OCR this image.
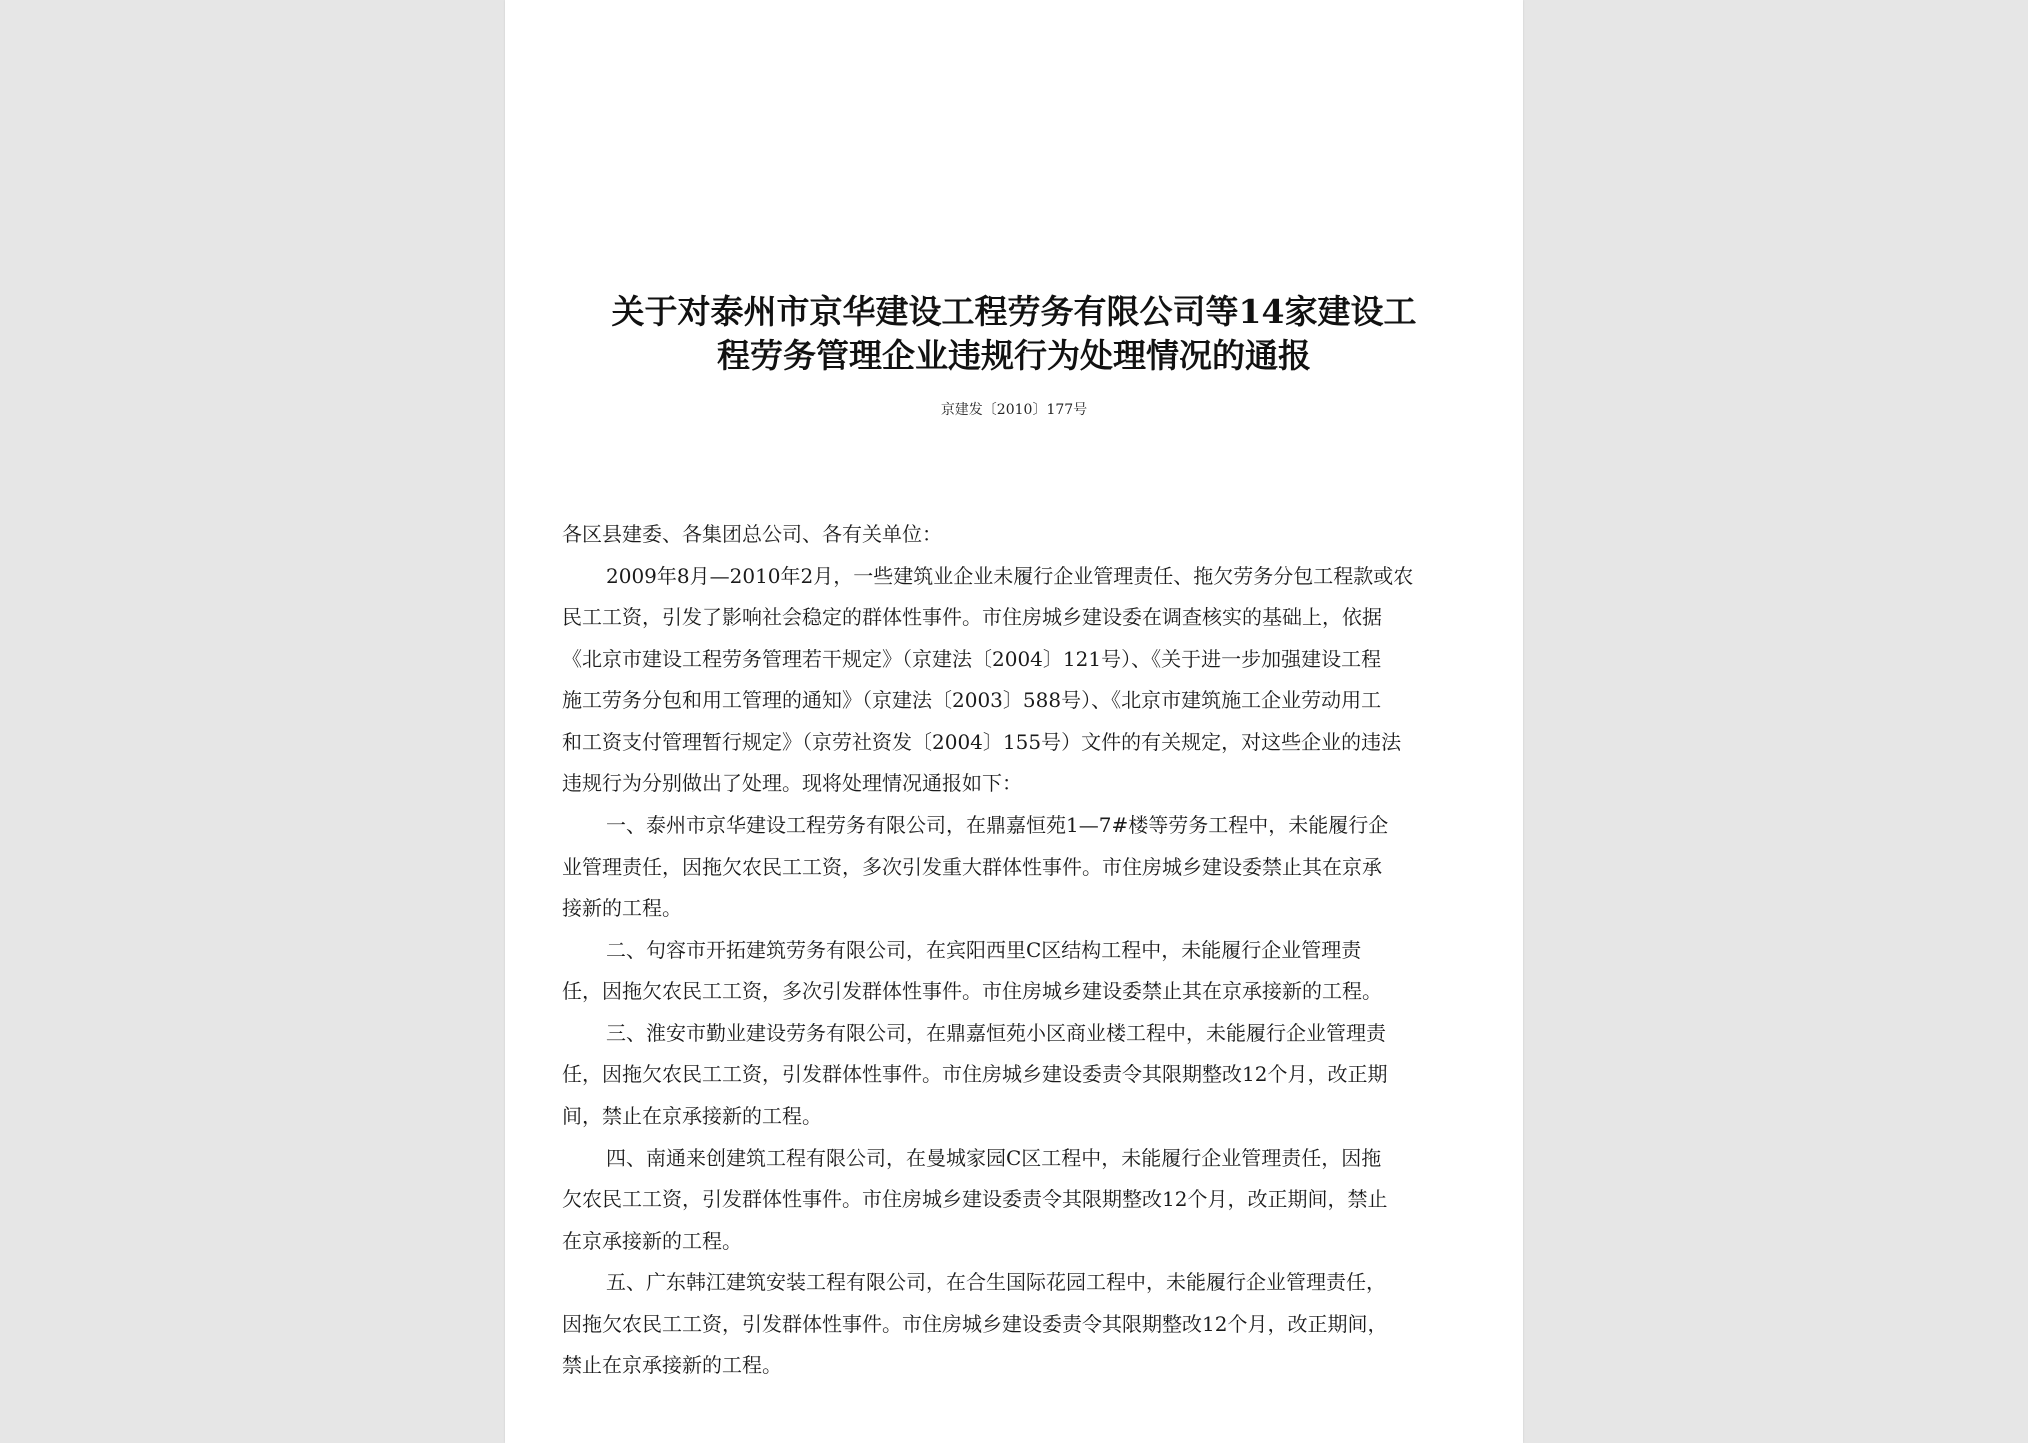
关于对泰州市京华建设工程劳务有限公司等14家建设工
程劳务管理企业违规行为处理情况的通报
京建发〔2010〕177号
各区县建委、各集团总公司、各有关单位：
2009年8月—2010年2月，一些建筑业企业未履行企业管理责任、拖欠劳务分包工程款或农
民工工资，引发了影响社会稳定的群体性事件。市住房城乡建设委在调查核实的基础上，依据
《北京市建设工程劳务管理若干规定》（京建法〔2004〕121号）、《关于进一步加强建设工程
施工劳务分包和用工管理的通知》（京建法〔2003〕588号）、《北京市建筑施工企业劳动用工
和工资支付管理暂行规定》（京劳社资发〔2004〕155号）文件的有关规定，对这些企业的违法
违规行为分别做出了处理。现将处理情况通报如下：
一、泰州市京华建设工程劳务有限公司，在鼎嘉恒苑1—7#楼等劳务工程中，未能履行企
业管理责任，因拖欠农民工工资，多次引发重大群体性事件。市住房城乡建设委禁止其在京承
接新的工程。
二、句容市开拓建筑劳务有限公司，在宾阳西里C区结构工程中，未能履行企业管理责
任，因拖欠农民工工资，多次引发群体性事件。市住房城乡建设委禁止其在京承接新的工程。
三、淮安市勤业建设劳务有限公司，在鼎嘉恒苑小区商业楼工程中，未能履行企业管理责
任，因拖欠农民工工资，引发群体性事件。市住房城乡建设委责令其限期整改12个月，改正期
间，禁止在京承接新的工程。
四、南通来创建筑工程有限公司，在曼城家园C区工程中，未能履行企业管理责任，因拖
欠农民工工资，引发群体性事件。市住房城乡建设委责令其限期整改12个月，改正期间，禁止
在京承接新的工程。
五、广东韩江建筑安装工程有限公司，在合生国际花园工程中，未能履行企业管理责任，
因拖欠农民工工资，引发群体性事件。市住房城乡建设委责令其限期整改12个月，改正期间，
禁止在京承接新的工程。
